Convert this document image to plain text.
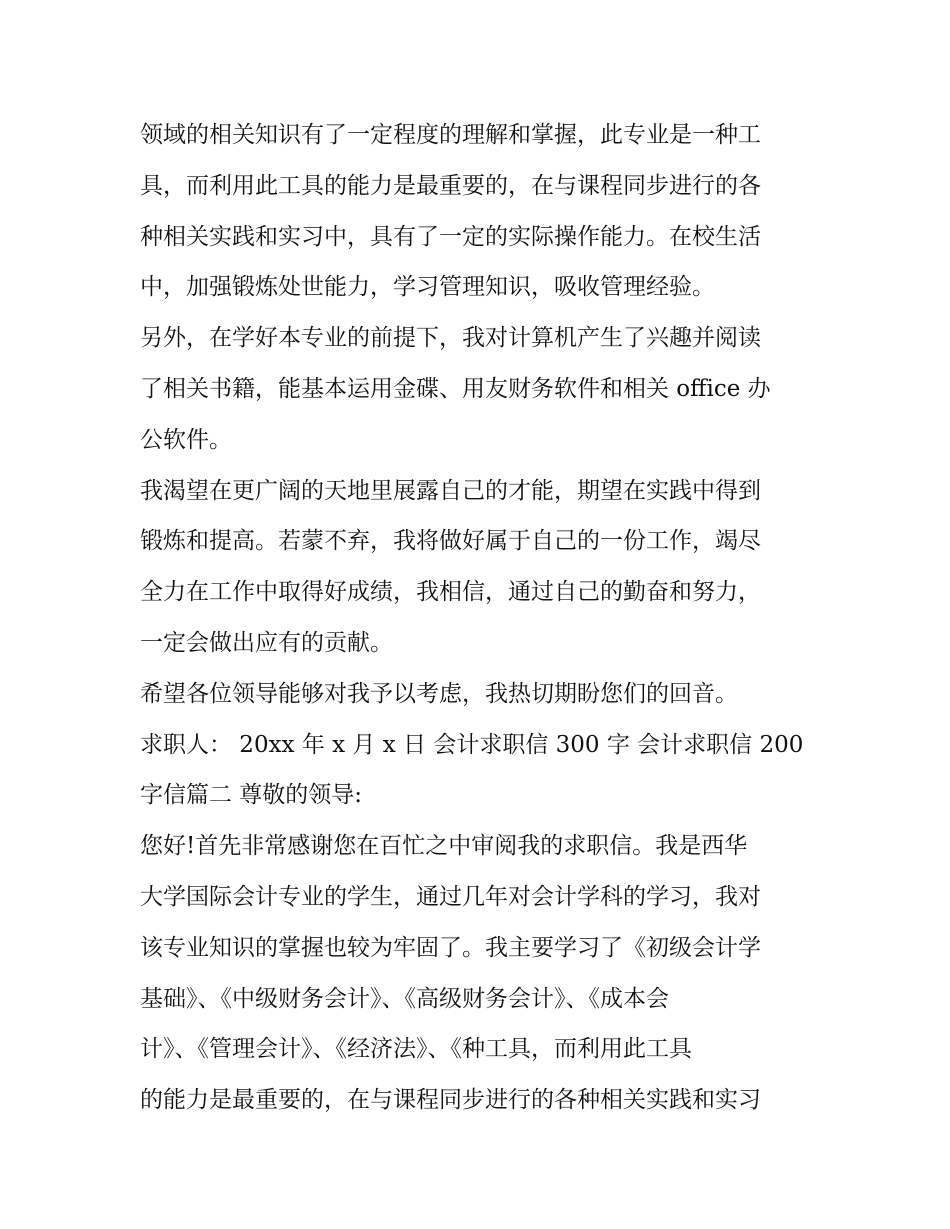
领域的相关知识有了一定程度的理解和掌握，此专业是一种工
具，而利用此工具的能力是最重要的，在与课程同步进行的各
种相关实践和实习中，具有了一定的实际操作能力。在校生活
中，加强锻炼处世能力，学习管理知识，吸收管理经验。
另外，在学好本专业的前提下，我对计算机产生了兴趣并阅读
了相关书籍，能基本运用金碟、用友财务软件和相关 office 办
公软件。
我渴望在更广阔的天地里展露自己的才能，期望在实践中得到
锻炼和提高。若蒙不弃，我将做好属于自己的一份工作，竭尽
全力在工作中取得好成绩，我相信，通过自己的勤奋和努力，
一定会做出应有的贡献。
希望各位领导能够对我予以考虑，我热切期盼您们的回音。
求职人： 20xx 年 x 月 x 日 会计求职信 300 字 会计求职信 200
字信篇二 尊敬的领导:
您好!首先非常感谢您在百忙之中审阅我的求职信。我是西华
大学国际会计专业的学生，通过几年对会计学科的学习，我对
该专业知识的掌握也较为牢固了。我主要学习了《初级会计学
基础》、《中级财务会计》、《高级财务会计》、《成本会
计》、《管理会计》、《经济法》、《种工具，而利用此工具
的能力是最重要的，在与课程同步进行的各种相关实践和实习
